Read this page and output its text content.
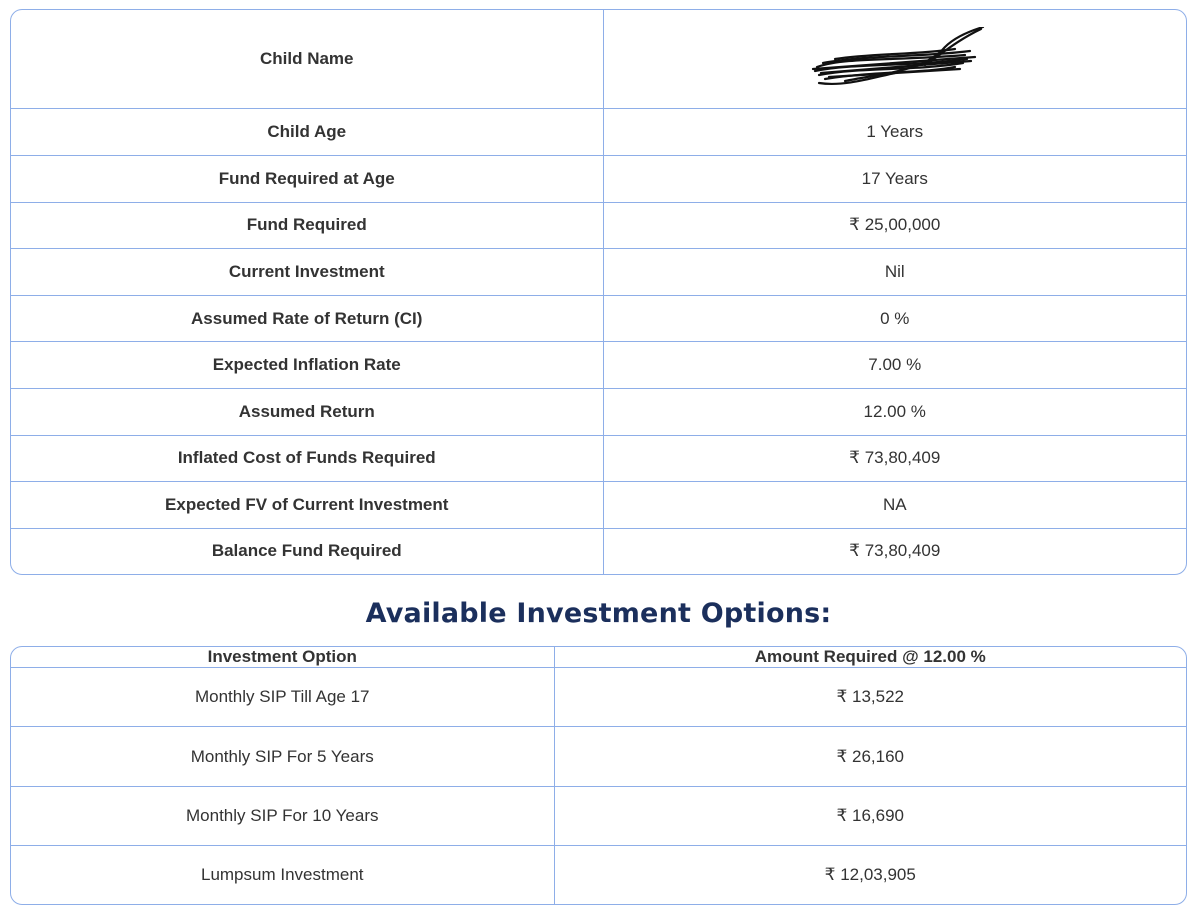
Child Name	

Child Age	1 Years
Fund Required at Age	17 Years
Fund Required	₹ 25,00,000
Current Investment	Nil
Assumed Rate of Return (CI)	0 %
Expected Inflation Rate	7.00 %
Assumed Return	12.00 %
Inflated Cost of Funds Required	₹ 73,80,409
Expected FV of Current Investment	NA
Balance Fund Required	₹ 73,80,409
Available Investment Options:
Investment Option	Amount Required @ 12.00 %
Monthly SIP Till Age 17	₹ 13,522
Monthly SIP For 5 Years	₹ 26,160
Monthly SIP For 10 Years	₹ 16,690
Lumpsum Investment	₹ 12,03,905
